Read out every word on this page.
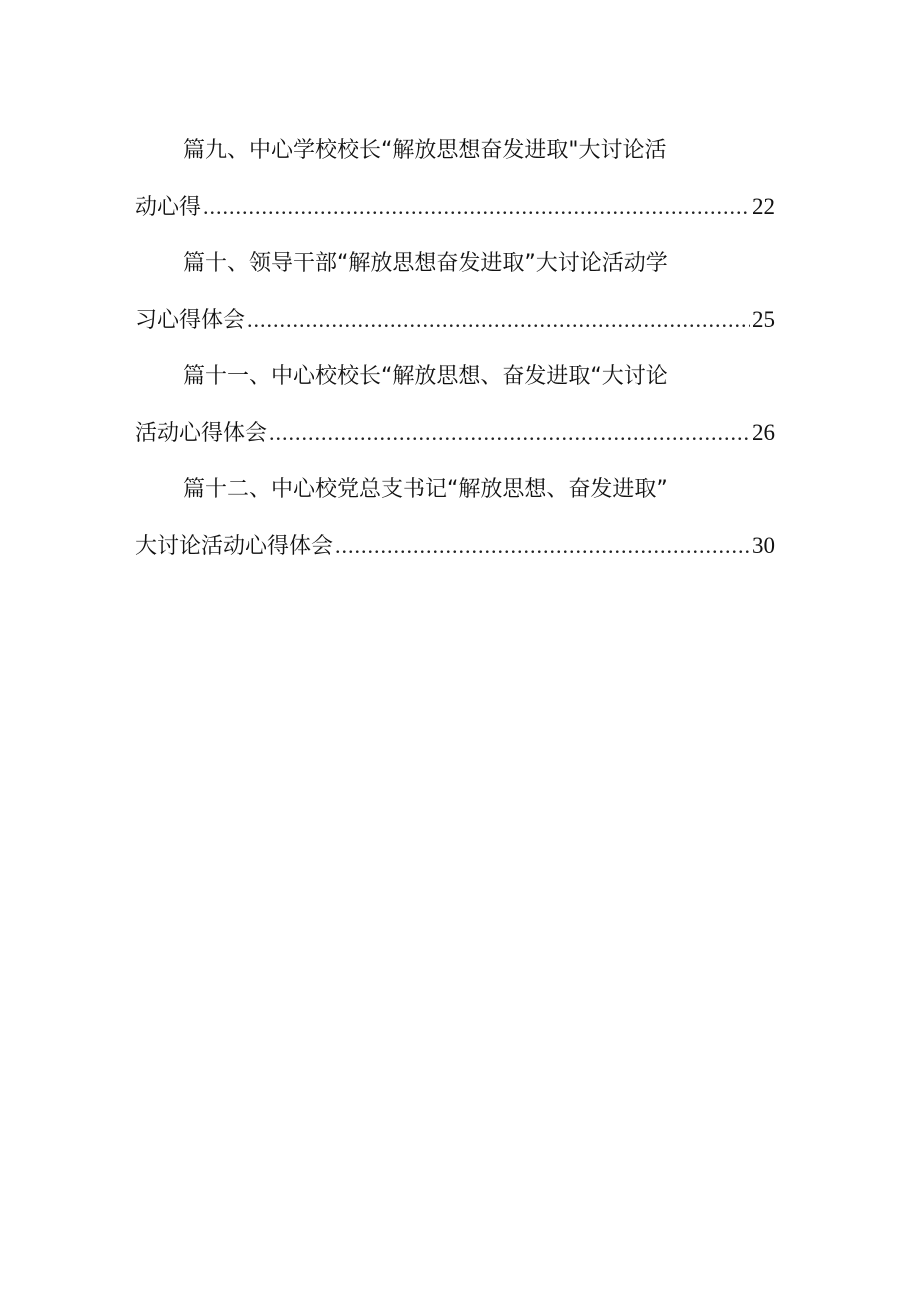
篇九、中心学校校长“解放思想奋发进取"大讨论活
动心得 .....	22
篇十、领导干部“解放思想奋发进取”大讨论活动学
习心得体会 .....	25
篇十一、中心校校长“解放思想、奋发进取“大讨论
活动心得体会 .....	26
篇十二、中心校党总支书记“解放思想、奋发进取”
大讨论活动心得体会 .....	30
